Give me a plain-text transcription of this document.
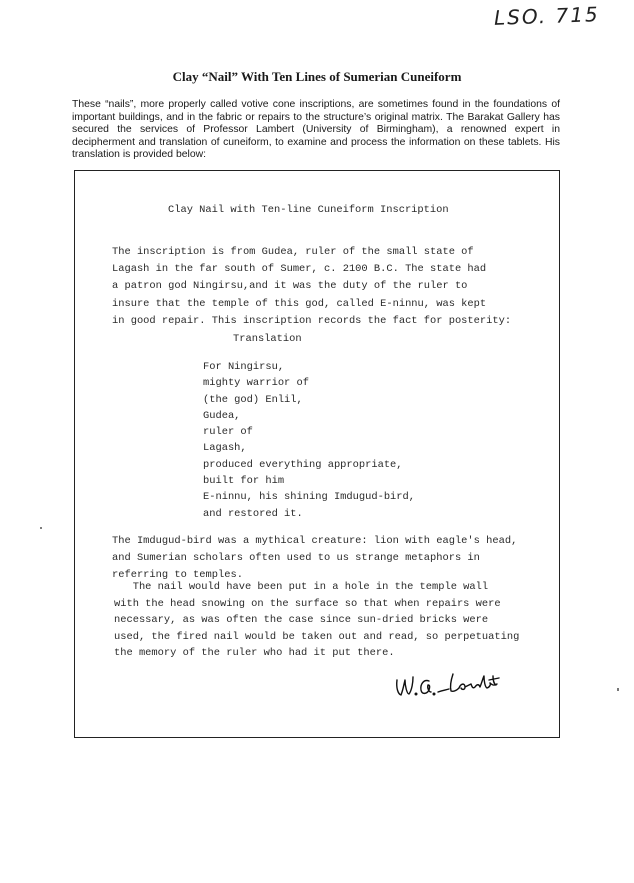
LSO. 715
Clay “Nail” With Ten Lines of Sumerian Cuneiform
These “nails”, more properly called votive cone inscriptions, are sometimes found in the foundations of important buildings, and in the fabric or repairs to the structure’s original matrix. The Barakat Gallery has secured the services of Professor Lambert (University of Birmingham), a renowned expert in decipherment and translation of cuneiform, to examine and process the information on these tablets. His translation is provided below:
Clay Nail with Ten-line Cuneiform Inscription
The inscription is from Gudea, ruler of the small state of
Lagash in the far south of Sumer, c. 2100 B.C. The state had
a patron god Ningirsu,and it was the duty of the ruler to
insure that the temple of this god, called E-ninnu, was kept
in good repair. This inscription records the fact for posterity:
Translation
For Ningirsu,
mighty warrior of
(the god) Enlil,
Gudea,
ruler of
Lagash,
produced everything appropriate,
built for him
E-ninnu, his shining Imdugud-bird,
and restored it.
The Imdugud-bird was a mythical creature: lion with eagle's head,
and Sumerian scholars often used to us strange metaphors in
referring to temples.
The nail would have been put in a hole in the temple wall
with the head snowing on the surface so that when repairs were
necessary, as was often the case since sun-dried bricks were
used, the fired nail would be taken out and read, so perpetuating
the memory of the ruler who had it put there.
